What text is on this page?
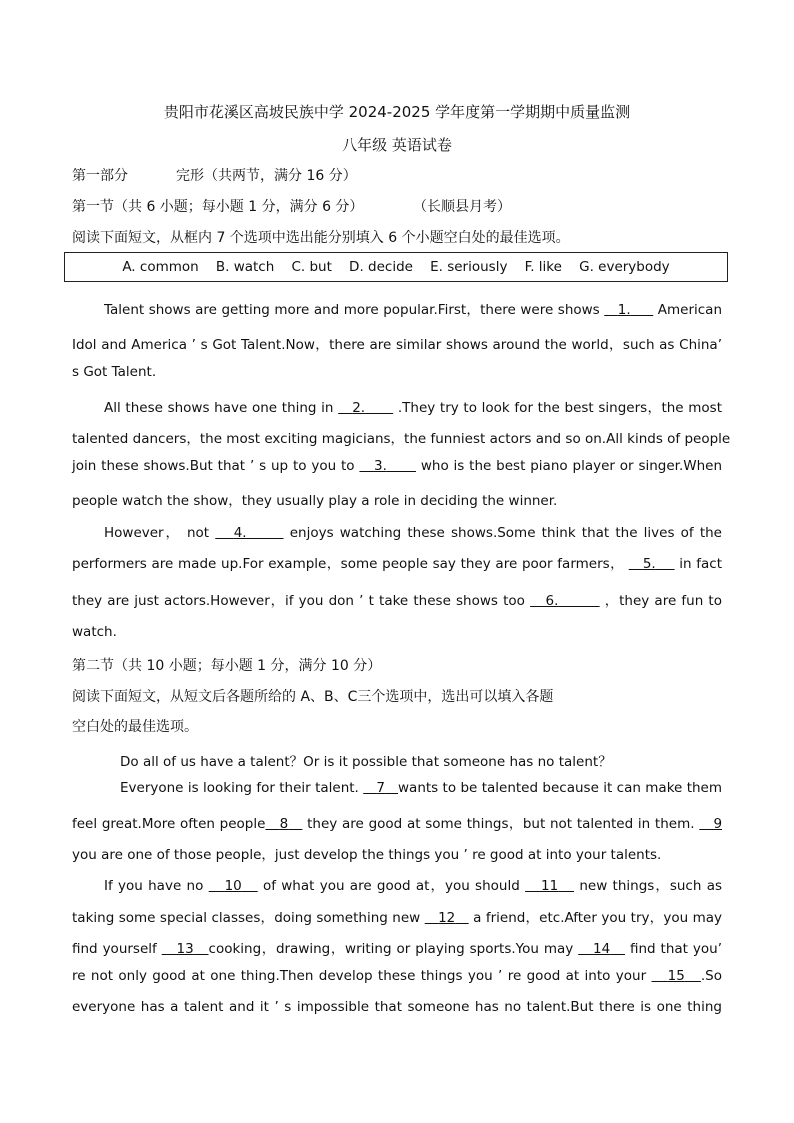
贵阳市花溪区高坡民族中学 2024-2025 学年度第一学期期中质量监测
八年级 英语试卷
第一部分	完形（共两节，满分 16 分）
第一节（共 6 小题；每小题 1 分，满分 6 分）	（长顺县月考）
阅读下面短文，从框内 7 个选项中选出能分别填入 6 个小题空白处的最佳选项。
A. common    B. watch    C. but    D. decide    E. seriously    F. like    G. everybody
Talent shows are getting more and more popular.First，there were shows 1. American
Idol and America ’ s Got Talent.Now，there are similar shows around the world，such as China’
s Got Talent.
All these shows have one thing in 2. .They try to look for the best singers，the most
talented dancers，the most exciting magicians，the funniest actors and so on.All kinds of people
join these shows.But that ’ s up to you to 3.	who is the best piano player or singer.When
people watch the show，they usually play a role in deciding the winner.
However， not 4.	enjoys watching these shows.Some think that the lives of the
performers are made up.For example，some people say they are poor farmers， 5. in fact
they are just actors.However，if you don ’ t take these shows too 6.	，they are fun to
watch.
第二节（共 10 小题；每小题 1 分，满分 10 分）
阅读下面短文，从短文后各题所给的 A、B、C三个选项中，选出可以填入各题
空白处的最佳选项。
Do all of us have a talent？Or is it possible that someone has no talent？
Everyone is looking for their talent. 7 wants to be talented because it can make them
feel great.More often people 8 they are good at some things，but not talented in them. 9
you are one of those people，just develop the things you ’ re good at into your talents.
If you have no 10 of what you are good at，you should 11 new things，such as
taking some special classes，doing something new 12 a friend，etc.After you try，you may
find yourself 13 cooking，drawing，writing or playing sports.You may 14 find that you’
re not only good at one thing.Then develop these things you ’ re good at into your 15 .So
everyone has a talent and it ’ s impossible that someone has no talent.But there is one thing
